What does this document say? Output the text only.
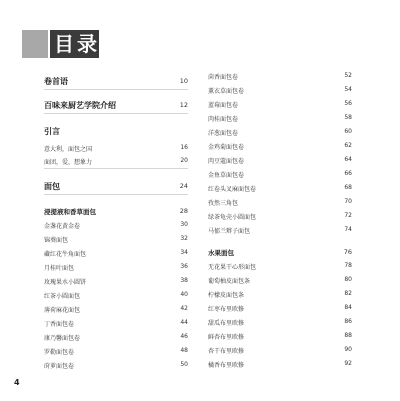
目录
卷首语	10
百味来厨艺学院介绍	12
引言
意大利，面包之国	16
面团，爱，想象力	20
面包	24
浸提液和香草面包	28
金盏花黄金卷	30
锦葵面包	32
藏红花牛角面包	34
月桂叶面包	36
玫瑰果水小圆饼	38
红茶小圆面包	40
薄荷麻花面包	42
丁香面包卷	44
康乃馨面包卷	46
罗勒面包卷	48
莳萝面包卷	50
茴香面包卷	52
薰衣草面包卷	54
蓝莓面包卷	56
肉桂面包卷	58
洋葱面包卷	60
金鸡菊面包卷	62
肉豆蔻面包卷	64
金鱼草面包卷	66
红卷头叉麻面包卷	68
孜然三角包	70
绿茶龟壳小圆面包	72
马郁兰辫子面包	74
水果面包	76
无花果干心形面包	78
葡萄柚皮面包条	80
柠檬皮面包条	82
红枣布里欧修	84
甜瓜布里欧修	86
鲜杏布里欧修	88
杏干布里欧修	90
橘香布里欧修	92
4
